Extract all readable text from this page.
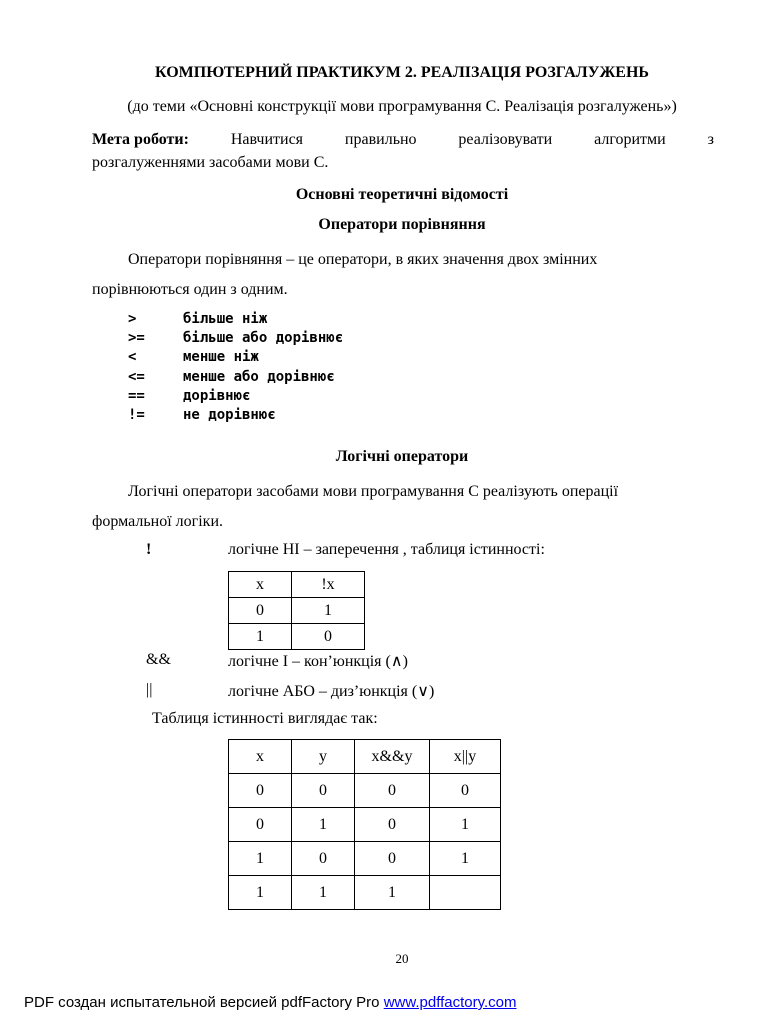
КОМПЮТЕРНИЙ ПРАКТИКУМ 2. РЕАЛІЗАЦІЯ РОЗГАЛУЖЕНЬ
(до теми «Основні конструкції мови програмування С. Реалізація розгалужень»)
Мета роботи:	Навчитися	правильно	реалізовувати	алгоритми	з
розгалуженнями засобами мови С.
Основні теоретичні відомості
Оператори порівняння
Оператори порівняння – це оператори, в яких значення двох змінних
порівнюються один з одним.
>	більше ніж
>=	більше або дорівнює
<	менше ніж
<=	менше або дорівнює
==	дорівнює
!=	не дорівнює
Логічні оператори
Логічні оператори засобами мови програмування С реалізують операції
формальної логіки.
!	логічне НІ – заперечення , таблиця істинності:
x	!x
0	1
1	0
&&	логічне І – кон’юнкція (∧)
||	логічне АБО – диз’юнкція (∨)
Таблиця істинності виглядає так:
x	y	x&&y	x||y
0	0	0	0
0	1	0	1
1	0	0	1
1	1	1	
20
PDF создан испытательной версией pdfFactory Pro www.pdffactory.com
